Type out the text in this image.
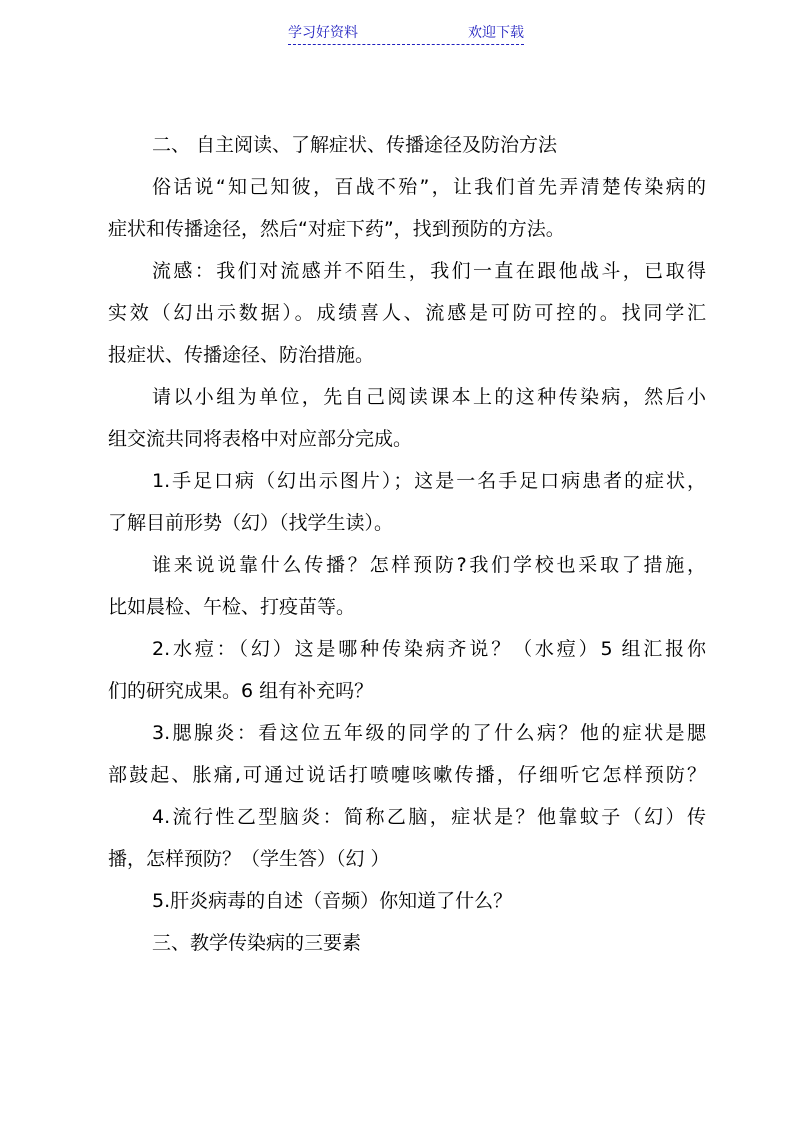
学习好资料	欢迎下载
二、 自主阅读、了解症状、传播途径及防治方法
俗话说“知己知彼，百战不殆”，让我们首先弄清楚传染病的
症状和传播途径，然后“对症下药”，找到预防的方法。
流感：我们对流感并不陌生，我们一直在跟他战斗，已取得
实效（幻出示数据）。成绩喜人、流感是可防可控的。找同学汇
报症状、传播途径、防治措施。
请以小组为单位，先自己阅读课本上的这种传染病，然后小
组交流共同将表格中对应部分完成。
1.手足口病（幻出示图片）；这是一名手足口病患者的症状，
了解目前形势（幻）（找学生读）。
谁来说说靠什么传播？怎样预防?我们学校也采取了措施，
比如晨检、午检、打疫苗等。
2.水痘：（幻）这是哪种传染病齐说？（水痘）5 组汇报你
们的研究成果。6 组有补充吗？
3.腮腺炎：看这位五年级的同学的了什么病？他的症状是腮
部鼓起、胀痛,可通过说话打喷嚏咳嗽传播，仔细听它怎样预防？
4.流行性乙型脑炎：简称乙脑，症状是？他靠蚊子（幻）传
播，怎样预防？（学生答）（幻 ）
5.肝炎病毒的自述（音频）你知道了什么？
三、教学传染病的三要素
